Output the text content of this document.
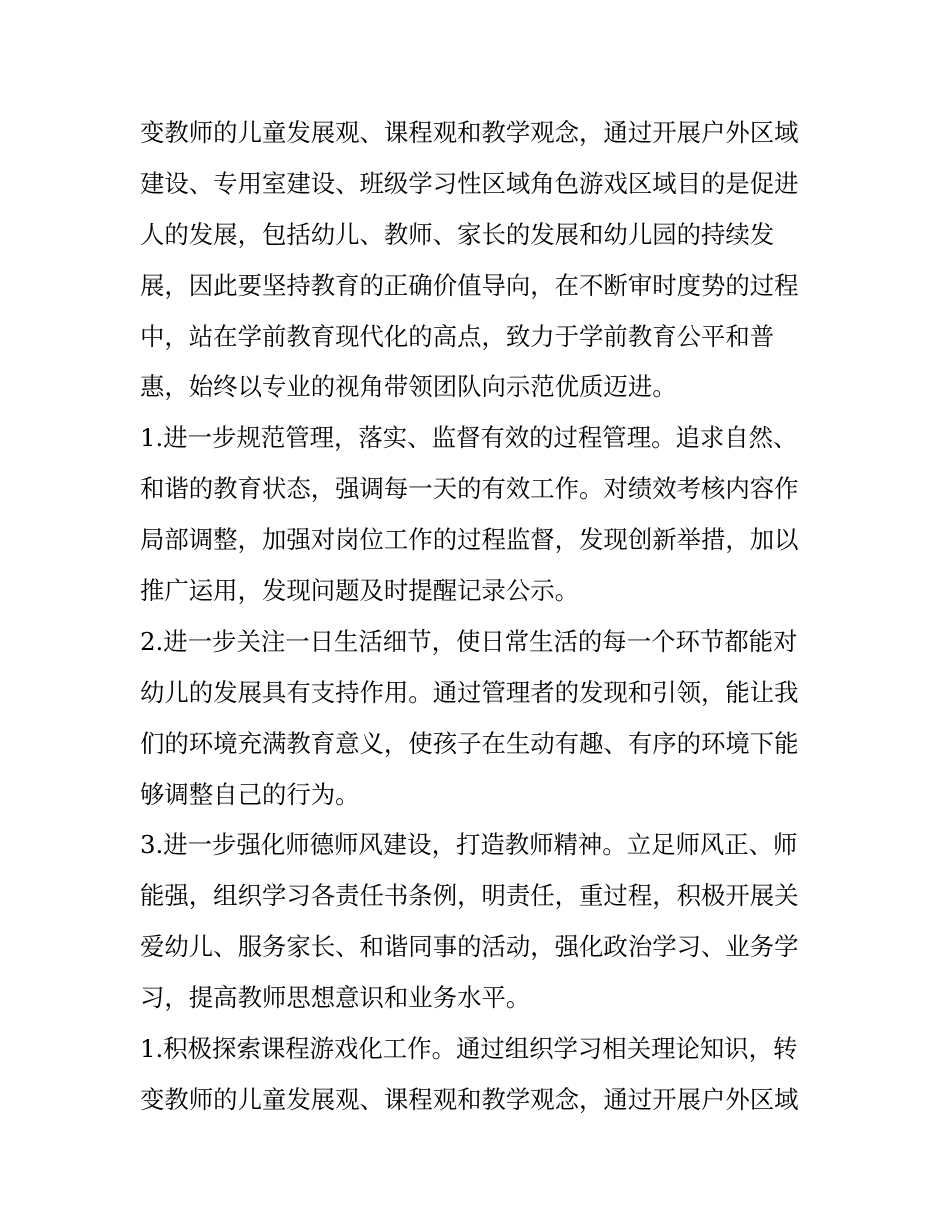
变教师的儿童发展观、课程观和教学观念，通过开展户外区域
建设、专用室建设、班级学习性区域角色游戏区域目的是促进
人的发展，包括幼儿、教师、家长的发展和幼儿园的持续发
展，因此要坚持教育的正确价值导向，在不断审时度势的过程
中，站在学前教育现代化的高点，致力于学前教育公平和普
惠，始终以专业的视角带领团队向示范优质迈进。
1.进一步规范管理，落实、监督有效的过程管理。追求自然、
和谐的教育状态，强调每一天的有效工作。对绩效考核内容作
局部调整，加强对岗位工作的过程监督，发现创新举措，加以
推广运用，发现问题及时提醒记录公示。
2.进一步关注一日生活细节，使日常生活的每一个环节都能对
幼儿的发展具有支持作用。通过管理者的发现和引领，能让我
们的环境充满教育意义，使孩子在生动有趣、有序的环境下能
够调整自己的行为。
3.进一步强化师德师风建设，打造教师精神。立足师风正、师
能强，组织学习各责任书条例，明责任，重过程，积极开展关
爱幼儿、服务家长、和谐同事的活动，强化政治学习、业务学
习，提高教师思想意识和业务水平。
1.积极探索课程游戏化工作。通过组织学习相关理论知识，转
变教师的儿童发展观、课程观和教学观念，通过开展户外区域
